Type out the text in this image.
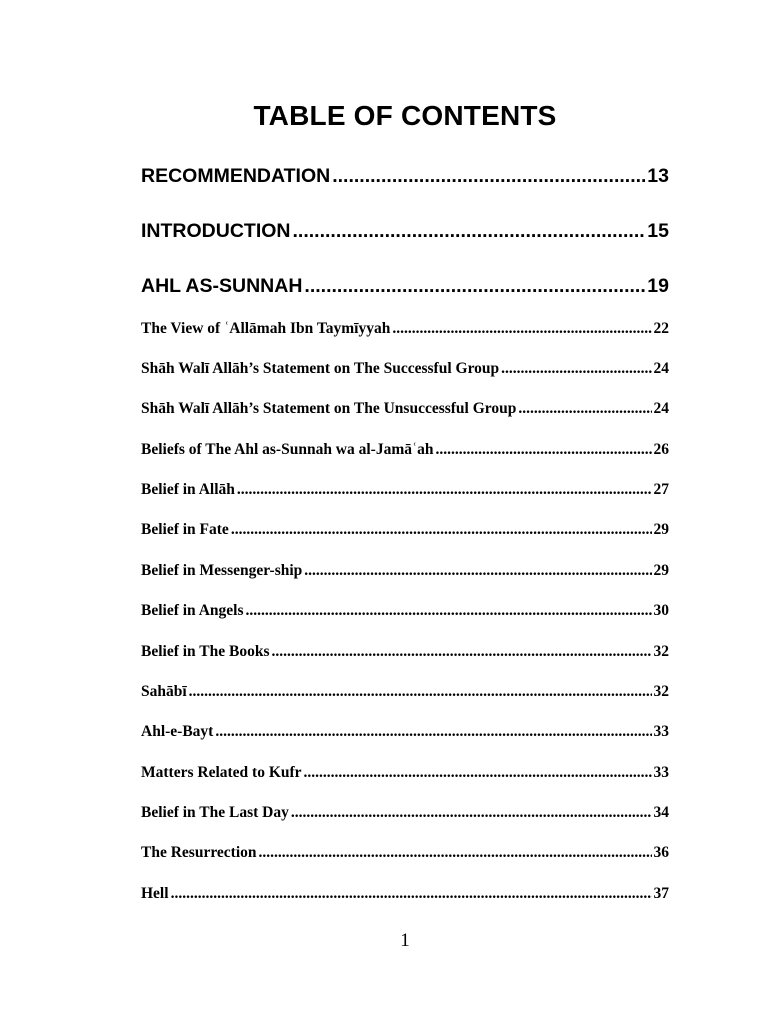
TABLE OF CONTENTS
RECOMMENDATION .....	13
INTRODUCTION .....	15
AHL AS-SUNNAH .....	19
The View of ʿAllāmah Ibn Taymīyyah .....	22
Shāh Walī Allāh’s Statement on The Successful Group .....	24
Shāh Walī Allāh’s Statement on The Unsuccessful Group .....	24
Beliefs of The Ahl as-Sunnah wa al-Jamāʿah .....	26
Belief in Allāh .....	27
Belief in Fate .....	29
Belief in Messenger-ship .....	29
Belief in Angels .....	30
Belief in The Books .....	32
Sahābī .....	32
Ahl-e-Bayt .....	33
Matters Related to Kufr .....	33
Belief in The Last Day .....	34
The Resurrection .....	36
Hell .....	37
1
